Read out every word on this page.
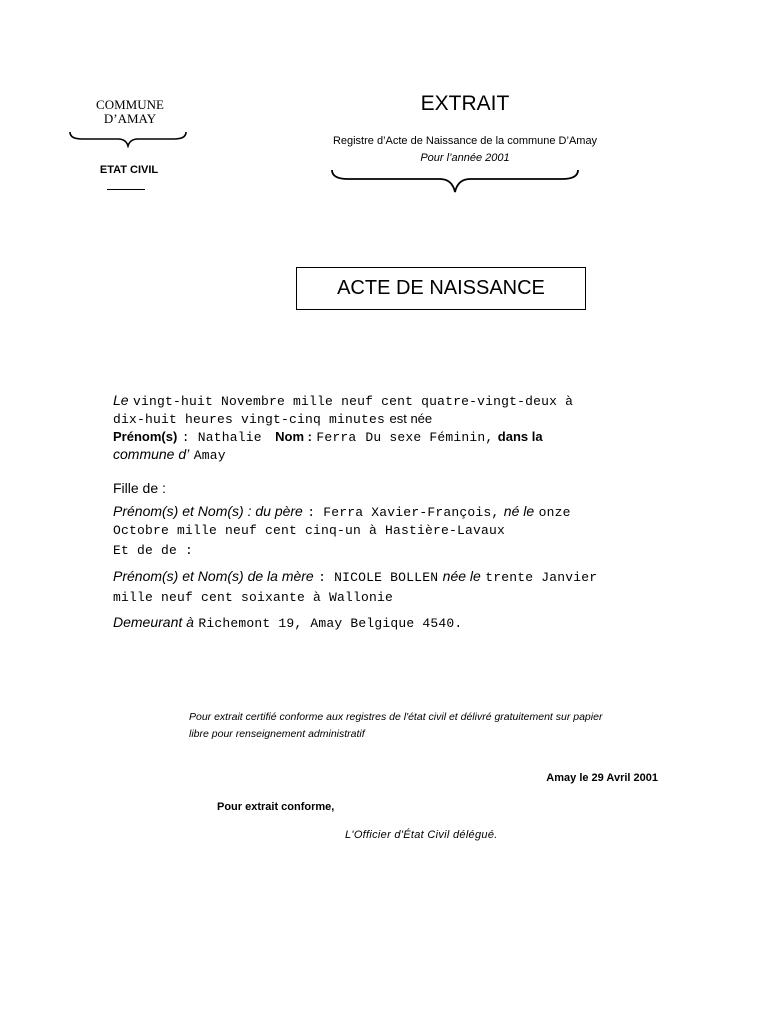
COMMUNE
D’AMAY
ETAT CIVIL
EXTRAIT
Registre d’Acte de Naissance de la commune D’Amay
Pour l’année 2001
ACTE DE NAISSANCE
Le vingt-huit Novembre mille neuf cent quatre-vingt-deux à
dix-huit heures vingt-cinq minutes est née
Prénom(s) : Nathalie Nom : Ferra Du sexe Féminin, dans la
commune d’ Amay
Fille de :
Prénom(s) et Nom(s) : du père : Ferra Xavier-François, né le onze
Octobre mille neuf cent cinq-un à Hastière-Lavaux
Et de de :
Prénom(s) et Nom(s) de la mère : NICOLE BOLLEN née le trente Janvier
mille neuf cent soixante à Wallonie
Demeurant à Richemont 19, Amay Belgique 4540.
Pour extrait certifié conforme aux registres de l'état civil et délivré gratuitement sur papier
libre pour renseignement administratif
Amay le 29 Avril 2001
Pour extrait conforme,
L'Officier d'État Civil délégué.
